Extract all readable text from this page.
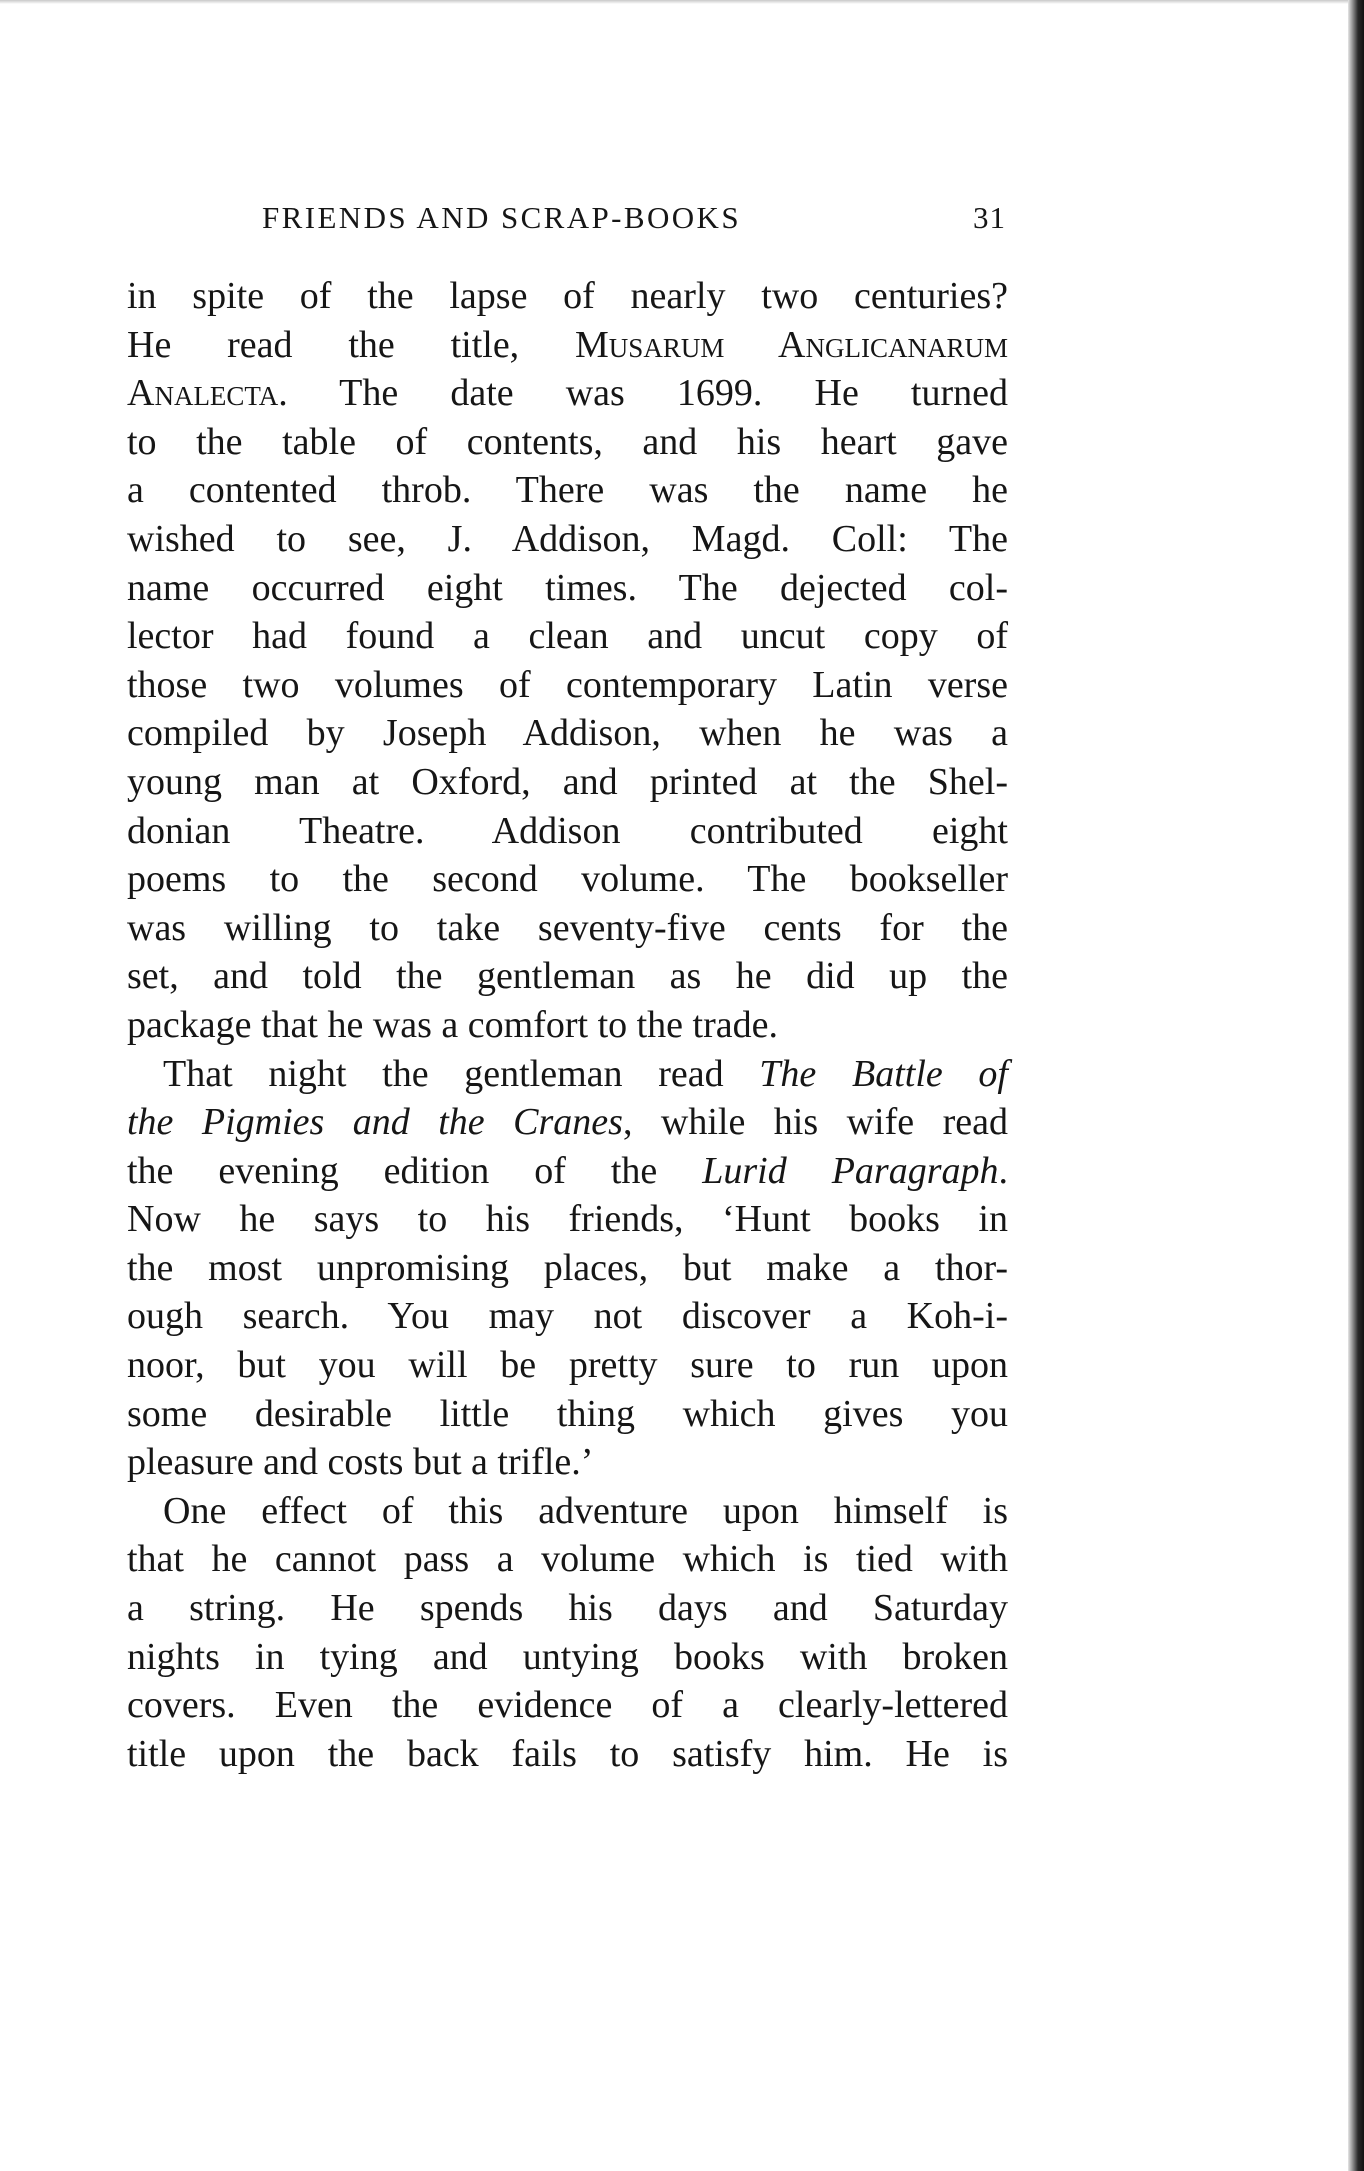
FRIENDS AND SCRAP-BOOKS	31
in spite of the lapse of nearly two centuries?
He read the title, Musarum Anglicanarum
Analecta. The date was 1699. He turned
to the table of contents, and his heart gave
a contented throb. There was the name he
wished to see, J. Addison, Magd. Coll: The
name occurred eight times. The dejected col-
lector had found a clean and uncut copy of
those two volumes of contemporary Latin verse
compiled by Joseph Addison, when he was a
young man at Oxford, and printed at the Shel-
donian Theatre. Addison contributed eight
poems to the second volume. The bookseller
was willing to take seventy-five cents for the
set, and told the gentleman as he did up the
package that he was a comfort to the trade.
That night the gentleman read The Battle of
the Pigmies and the Cranes, while his wife read
the evening edition of the Lurid Paragraph.
Now he says to his friends, ‘Hunt books in
the most unpromising places, but make a thor-
ough search. You may not discover a Koh-i-
noor, but you will be pretty sure to run upon
some desirable little thing which gives you
pleasure and costs but a trifle.’
One effect of this adventure upon himself is
that he cannot pass a volume which is tied with
a string. He spends his days and Saturday
nights in tying and untying books with broken
covers. Even the evidence of a clearly-lettered
title upon the back fails to satisfy him. He is
